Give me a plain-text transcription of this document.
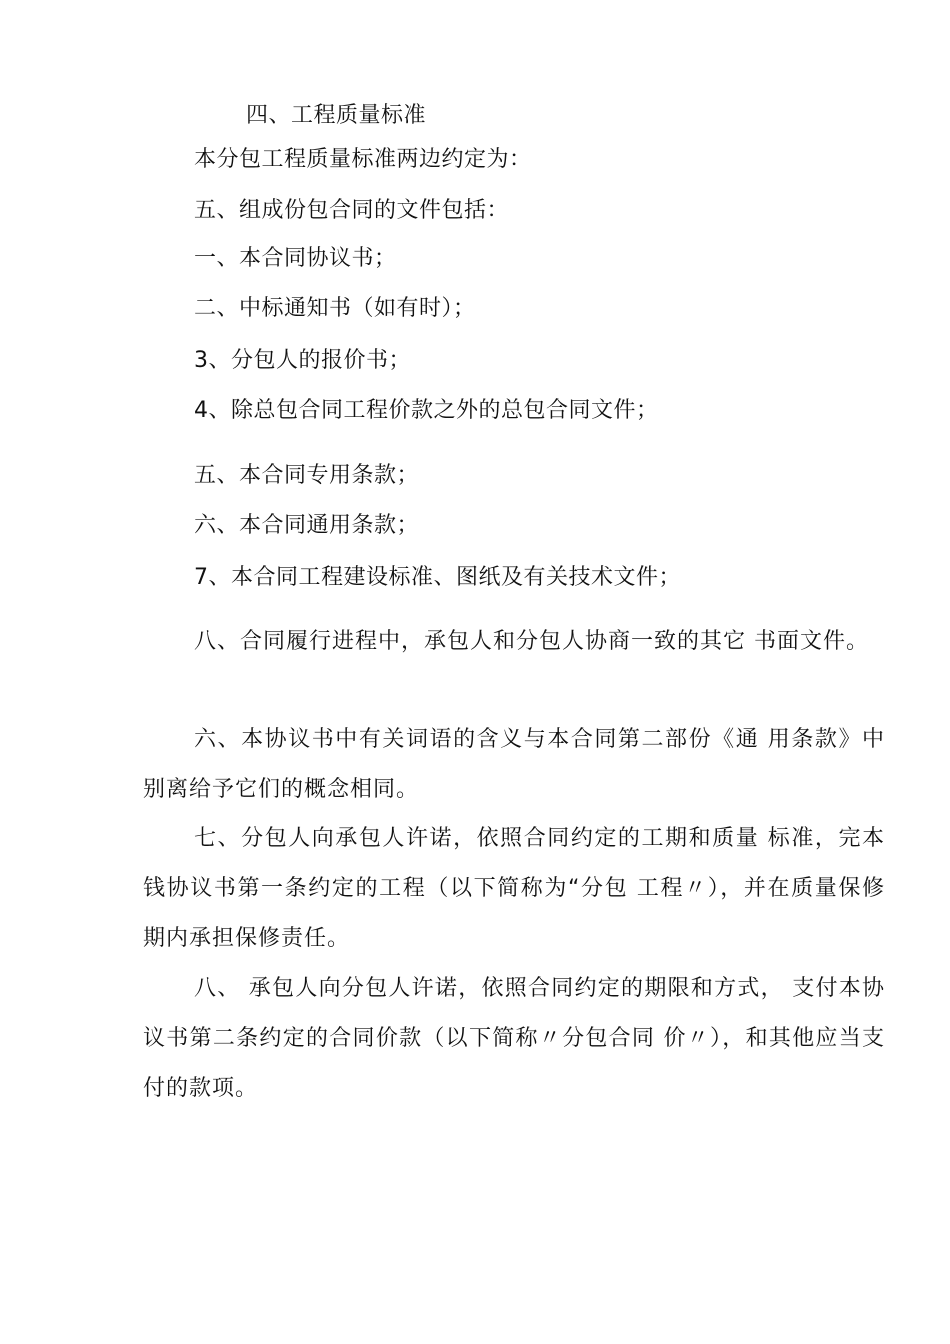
四、工程质量标准
本分包工程质量标准两边约定为：
五、组成份包合同的文件包括：
一、本合同协议书；
二、中标通知书（如有时）；
3、分包人的报价书；
4、除总包合同工程价款之外的总包合同文件；
五、本合同专用条款；
六、本合同通用条款；
7、本合同工程建设标准、图纸及有关技术文件；
八、合同履行进程中，承包人和分包人协商一致的其它 书面文件。
六、本协议书中有关词语的含义与本合同第二部份《通 用条款》中别离给予它们的概念相同。
七、分包人向承包人许诺，依照合同约定的工期和质量 标准，完本钱协议书第一条约定的工程（以下简称为“分包 工程〃），并在质量保修期内承担保修责任。
八、 承包人向分包人许诺，依照合同约定的期限和方式， 支付本协议书第二条约定的合同价款（以下简称〃分包合同 价〃），和其他应当支付的款项。
